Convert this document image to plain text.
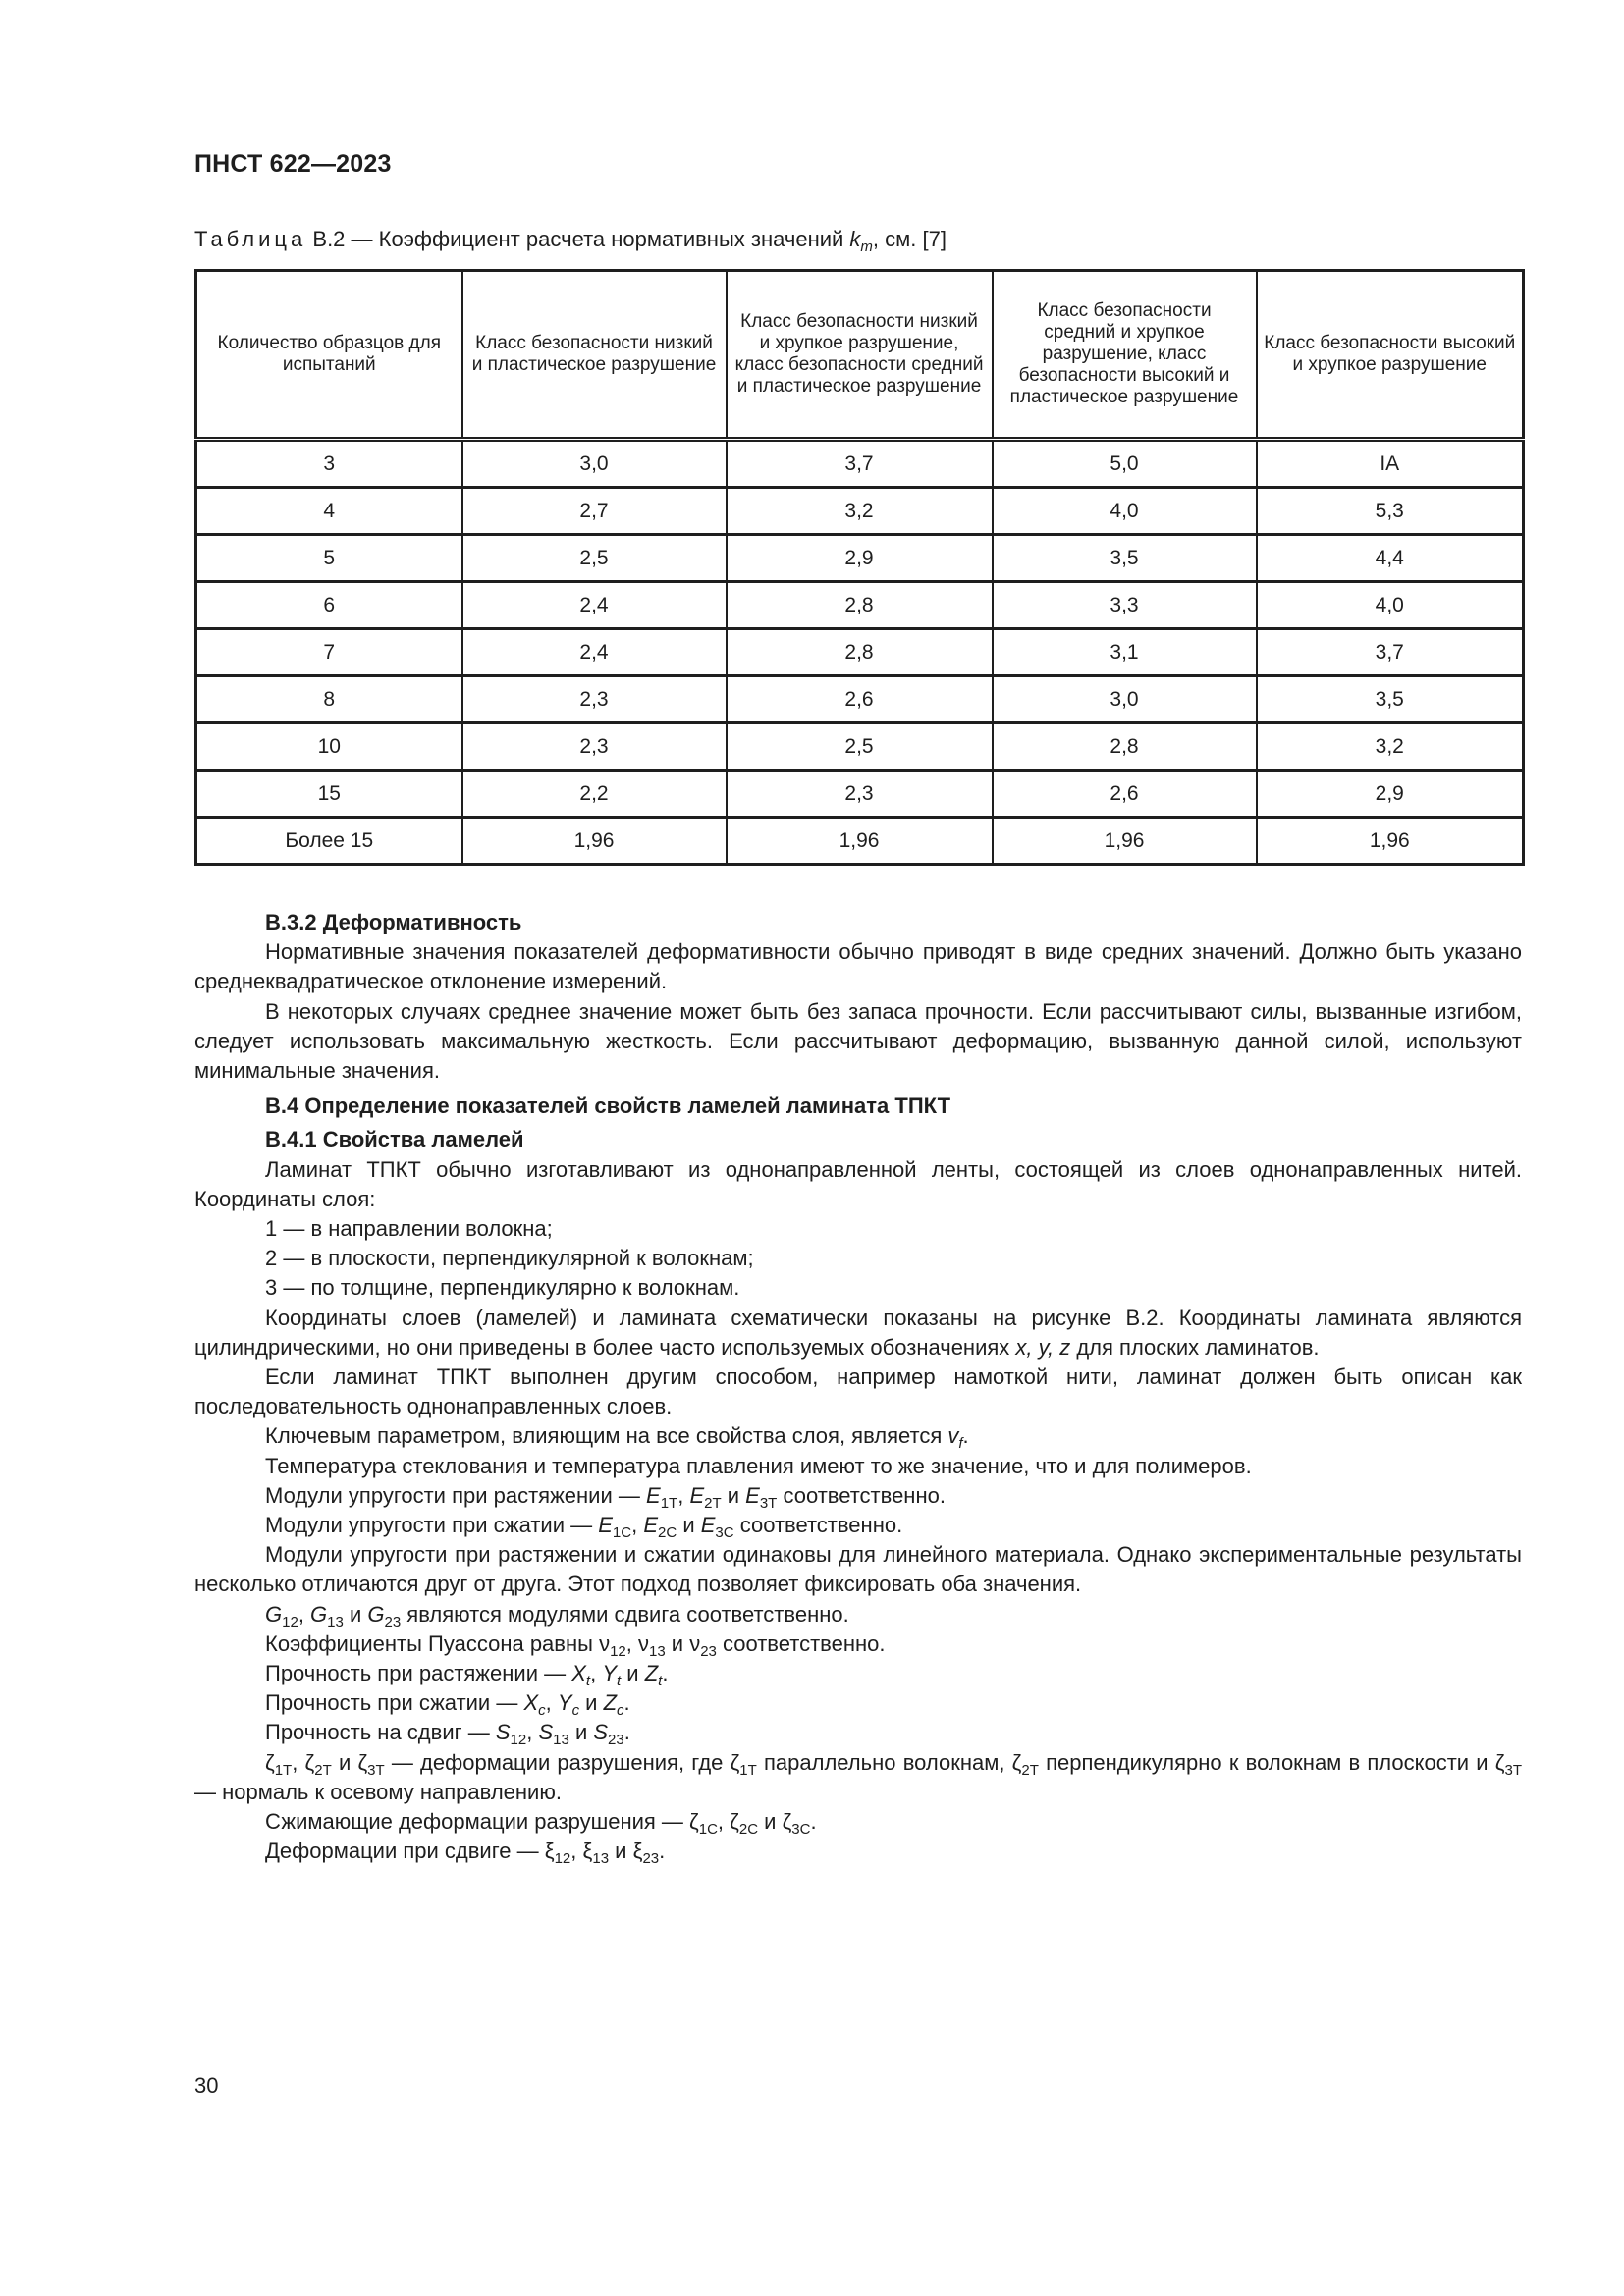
ПНСТ 622—2023
Таблица В.2 — Коэффициент расчета нормативных значений $k_m$, см. [7]
Количество образцов для испытаний	Класс безопасности низкий и пластическое разрушение	Класс безопасности низкий и хрупкое разрушение, класс безопасности средний и пластическое разрушение	Класс безопасности средний и хрупкое разрушение, класс безопасности высокий и пластическое разрушение	Класс безопасности высокий и хрупкое разрушение
3	3,0	3,7	5,0	IA
4	2,7	3,2	4,0	5,3
5	2,5	2,9	3,5	4,4
6	2,4	2,8	3,3	4,0
7	2,4	2,8	3,1	3,7
8	2,3	2,6	3,0	3,5
10	2,3	2,5	2,8	3,2
15	2,2	2,3	2,6	2,9
Более 15	1,96	1,96	1,96	1,96
В.3.2 Деформативность

Нормативные значения показателей деформативности обычно приводят в виде средних значений. Должно быть указано среднеквадратическое отклонение измерений.

В некоторых случаях среднее значение может быть без запаса прочности. Если рассчитывают силы, вызванные изгибом, следует использовать максимальную жесткость. Если рассчитывают деформацию, вызванную данной силой, используют минимальные значения.

В.4 Определение показателей свойств ламелей ламината ТПКТ
В.4.1 Свойства ламелей

Ламинат ТПКТ обычно изготавливают из однонаправленной ленты, состоящей из слоев однонаправленных нитей. Координаты слоя:

1 — в направлении волокна;

2 — в плоскости, перпендикулярной к волокнам;

3 — по толщине, перпендикулярно к волокнам.

Координаты слоев (ламелей) и ламината схематически показаны на рисунке В.2. Координаты ламината являются цилиндрическими, но они приведены в более часто используемых обозначениях x, y, z для плоских ламинатов.

Если ламинат ТПКТ выполнен другим способом, например намоткой нити, ламинат должен быть описан как последовательность однонаправленных слоев.

Ключевым параметром, влияющим на все свойства слоя, является $v_f$.

Температура стеклования и температура плавления имеют то же значение, что и для полимеров.

Модули упругости при растяжении — $E_{1T}$, $E_{2T}$ и $E_{3T}$ соответственно.

Модули упругости при сжатии — $E_{1C}$, $E_{2C}$ и $E_{3C}$ соответственно.

Модули упругости при растяжении и сжатии одинаковы для линейного материала. Однако экспериментальные результаты несколько отличаются друг от друга. Этот подход позволяет фиксировать оба значения.

$G_{12}$, $G_{13}$ и $G_{23}$ являются модулями сдвига соответственно.

Коэффициенты Пуассона равны $\nu_{12}$, $\nu_{13}$ и $\nu_{23}$ соответственно.

Прочность при растяжении — $X_t$, $Y_t$ и $Z_t$.

Прочность при сжатии — $X_c$, $Y_c$ и $Z_c$.

Прочность на сдвиг — $S_{12}$, $S_{13}$ и $S_{23}$.

$\zeta_{1T}$, $\zeta_{2T}$ и $\zeta_{3T}$ — деформации разрушения, где $\zeta_{1T}$ параллельно волокнам, $\zeta_{2T}$ перпендикулярно к волокнам в плоскости и $\zeta_{3T}$ — нормаль к осевому направлению.

Сжимающие деформации разрушения — $\zeta_{1C}$, $\zeta_{2C}$ и $\zeta_{3C}$.

Деформации при сдвиге — $\xi_{12}$, $\xi_{13}$ и $\xi_{23}$.

30
